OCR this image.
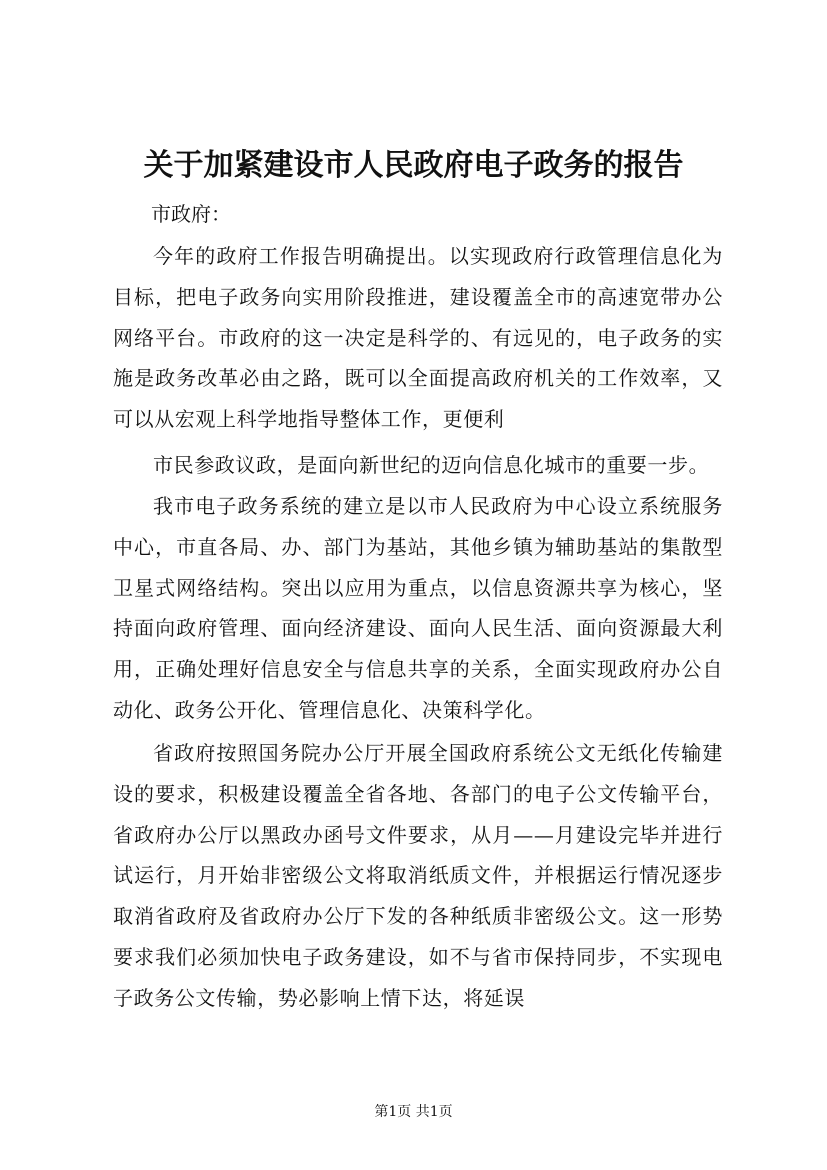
关于加紧建设市人民政府电子政务的报告
市政府：

今年的政府工作报告明确提出。以实现政府行政管理信息化为目标，把电子政务向实用阶段推进，建设覆盖全市的高速宽带办公网络平台。市政府的这一决定是科学的、有远见的，电子政务的实施是政务改革必由之路，既可以全面提高政府机关的工作效率，又可以从宏观上科学地指导整体工作，更便利

市民参政议政，是面向新世纪的迈向信息化城市的重要一步。

我市电子政务系统的建立是以市人民政府为中心设立系统服务中心，市直各局、办、部门为基站，其他乡镇为辅助基站的集散型卫星式网络结构。突出以应用为重点，以信息资源共享为核心，坚持面向政府管理、面向经济建设、面向人民生活、面向资源最大利用，正确处理好信息安全与信息共享的关系，全面实现政府办公自动化、政务公开化、管理信息化、决策科学化。

省政府按照国务院办公厅开展全国政府系统公文无纸化传输建设的要求，积极建设覆盖全省各地、各部门的电子公文传输平台，省政府办公厅以黑政办函号文件要求，从月——月建设完毕并进行试运行，月开始非密级公文将取消纸质文件，并根据运行情况逐步取消省政府及省政府办公厅下发的各种纸质非密级公文。这一形势要求我们必须加快电子政务建设，如不与省市保持同步，不实现电子政务公文传输，势必影响上情下达，将延误

第1页 共1页
